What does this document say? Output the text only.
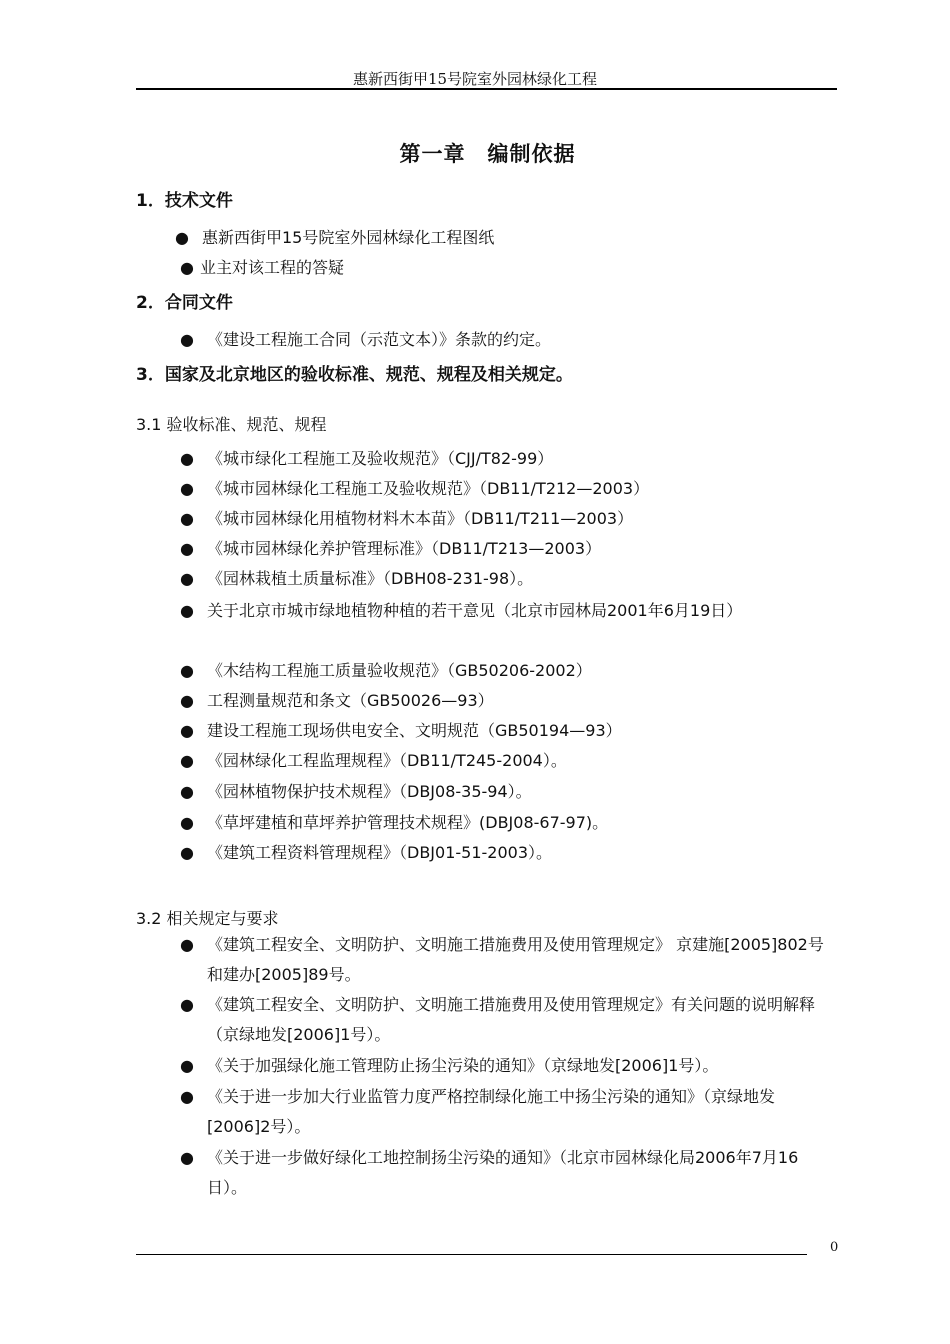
惠新西街甲15号院室外园林绿化工程
第一章　编制依据
1．技术文件
● 惠新西街甲15号院室外园林绿化工程图纸
● 业主对该工程的答疑
2．合同文件
● 《建设工程施工合同（示范文本）》条款的约定。
3．国家及北京地区的验收标准、规范、规程及相关规定。
3.1 验收标准、规范、规程
● 《城市绿化工程施工及验收规范》（CJJ/T82-99）
● 《城市园林绿化工程施工及验收规范》（DB11/T212—2003）
● 《城市园林绿化用植物材料木本苗》（DB11/T211—2003）
● 《城市园林绿化养护管理标准》（DB11/T213—2003）
● 《园林栽植土质量标准》（DBH08-231-98）。
● 关于北京市城市绿地植物种植的若干意见（北京市园林局2001年6月19日）
● 《木结构工程施工质量验收规范》（GB50206-2002）
● 工程测量规范和条文（GB50026—93）
● 建设工程施工现场供电安全、文明规范（GB50194—93）
● 《园林绿化工程监理规程》（DB11/T245-2004）。
● 《园林植物保护技术规程》（DBJ08-35-94）。
● 《草坪建植和草坪养护管理技术规程》(DBJ08-67-97)。
● 《建筑工程资料管理规程》（DBJ01-51-2003）。
3.2 相关规定与要求
● 《建筑工程安全、文明防护、文明施工措施费用及使用管理规定》 京建施[2005]802号和建办[2005]89号。
● 《建筑工程安全、文明防护、文明施工措施费用及使用管理规定》有关问题的说明解释（京绿地发[2006]1号）。
● 《关于加强绿化施工管理防止扬尘污染的通知》（京绿地发[2006]1号）。
● 《关于进一步加大行业监管力度严格控制绿化施工中扬尘污染的通知》（京绿地发[2006]2号）。
● 《关于进一步做好绿化工地控制扬尘污染的通知》（北京市园林绿化局2006年7月16日）。
0
